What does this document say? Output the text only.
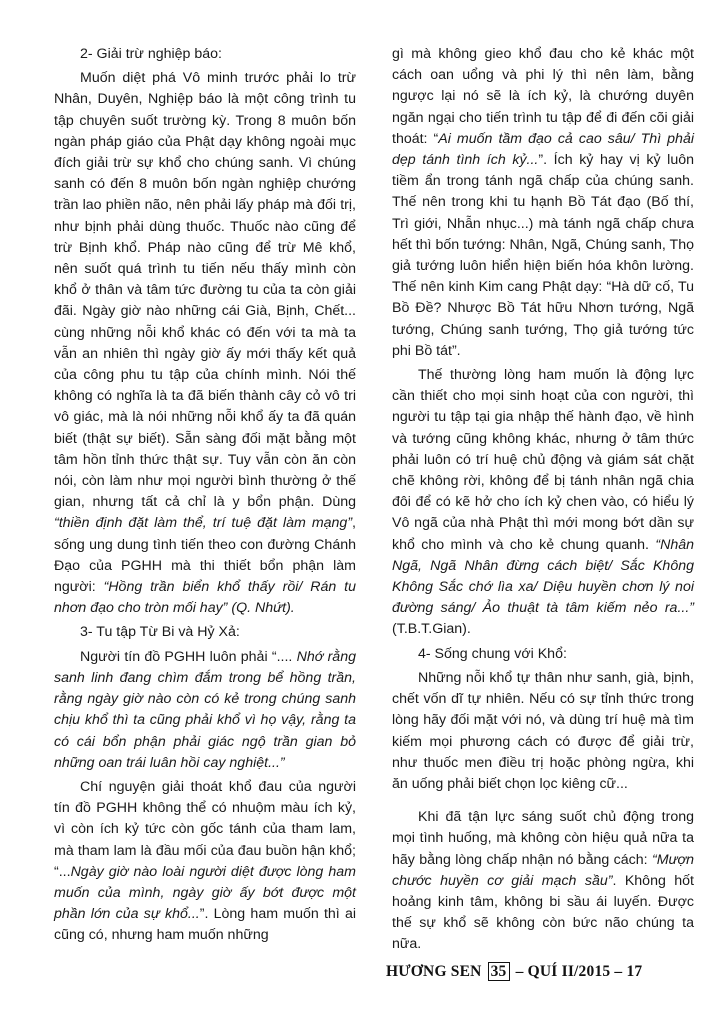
2- Giải trừ nghiệp báo:

Muốn diệt phá Vô minh trước phải lo trừ Nhân, Duyên, Nghiệp báo là một công trình tu tập chuyên suốt trường kỳ. Trong 8 muôn bốn ngàn pháp giáo của Phật dạy không ngoài mục đích giải trừ sự khổ cho chúng sanh. Vì chúng sanh có đến 8 muôn bốn ngàn nghiệp chướng trần lao phiền não, nên phải lấy pháp mà đối trị, như bịnh phải dùng thuốc. Thuốc nào cũng để trừ Bịnh khổ. Pháp nào cũng để trừ Mê khổ, nên suốt quá trình tu tiến nếu thấy mình còn khổ ở thân và tâm tức đường tu của ta còn giải đãi. Ngày giờ nào những cái Già, Bịnh, Chết... cùng những nỗi khổ khác có đến với ta mà ta vẫn an nhiên thì ngày giờ ấy mới thấy kết quả của công phu tu tập của chính mình. Nói thế không có nghĩa là ta đã biến thành cây cỏ vô tri vô giác, mà là nói những nỗi khổ ấy ta đã quán biết (thật sự biết). Sẵn sàng đối mặt bằng một tâm hồn tỉnh thức thật sự. Tuy vẫn còn ăn còn nói, còn làm như mọi người bình thường ở thế gian, nhưng tất cả chỉ là y bổn phận. Dùng “thiền định đặt làm thể, trí tuệ đặt làm mạng”, sống ung dung tình tiến theo con đường Chánh Đạo của PGHH mà thi thiết bổn phận làm người: “Hồng trần biển khổ thấy rồi/ Rán tu nhơn đạo cho tròn mối hay” (Q. Nhứt).

3- Tu tập Từ Bi và Hỷ Xả:

Người tín đồ PGHH luôn phải “.... Nhớ rằng sanh linh đang chìm đắm trong bể hồng trần, rằng ngày giờ nào còn có kẻ trong chúng sanh chịu khổ thì ta cũng phải khổ vì họ vậy, rằng ta có cái bổn phận phải giác ngộ trần gian bỏ những oan trái luân hồi cay nghiệt...”

Chí nguyện giải thoát khổ đau của người tín đồ PGHH không thể có nhuộm màu ích kỷ, vì còn ích kỷ tức còn gốc tánh của tham lam, mà tham lam là đầu mối của đau buồn hận khổ; “...Ngày giờ nào loài người diệt được lòng ham muốn của mình, ngày giờ ấy bớt được một phần lớn của sự khổ...”. Lòng ham muốn thì ai cũng có, nhưng ham muốn những

gì mà không gieo khổ đau cho kẻ khác một cách oan uổng và phi lý thì nên làm, bằng ngược lại nó sẽ là ích kỷ, là chướng duyên ngăn ngại cho tiến trình tu tập để đi đến cõi giải thoát: “Ai muốn tầm đạo cả cao sâu/ Thì phải dẹp tánh tình ích kỷ...”. Ích kỷ hay vị kỷ luôn tiềm ẩn trong tánh ngã chấp của chúng sanh. Thế nên trong khi tu hạnh Bồ Tát đạo (Bố thí, Trì giới, Nhẫn nhục...) mà tánh ngã chấp chưa hết thì bốn tướng: Nhân, Ngã, Chúng sanh, Thọ giả tướng luôn hiển hiện biến hóa khôn lường. Thế nên kinh Kim cang Phật dạy: “Hà dữ cố, Tu Bồ Đề? Nhược Bồ Tát hữu Nhơn tướng, Ngã tướng, Chúng sanh tướng, Thọ giả tướng tức phi Bồ tát”.

Thế thường lòng ham muốn là động lực cần thiết cho mọi sinh hoạt của con người, thì người tu tập tại gia nhập thế hành đạo, về hình và tướng cũng không khác, nhưng ở tâm thức phải luôn có trí huệ chủ động và giám sát chặt chẽ không rời, không để bị tánh nhân ngã chia đôi để có kẽ hở cho ích kỷ chen vào, có hiểu lý Vô ngã của nhà Phật thì mới mong bớt dần sự khổ cho mình và cho kẻ chung quanh. “Nhân Ngã, Ngã Nhân đừng cách biệt/ Sắc Không Không Sắc chớ lìa xa/ Diệu huyền chơn lý noi đường sáng/ Ảo thuật tà tâm kiếm nẻo ra...” (T.B.T.Gian).

4- Sống chung với Khổ:

Những nỗi khổ tự thân như sanh, già, bịnh, chết vốn dĩ tự nhiên. Nếu có sự tỉnh thức trong lòng hãy đối mặt với nó, và dùng trí huệ mà tìm kiếm mọi phương cách có được để giải trừ, như thuốc men điều trị hoặc phòng ngừa, khi ăn uống phải biết chọn lọc kiêng cữ...

Khi đã tận lực sáng suốt chủ động trong mọi tình huống, mà không còn hiệu quả nữa ta hãy bằng lòng chấp nhận nó bằng cách: “Mượn chước huyền cơ giải mạch sầu”. Không hốt hoảng kinh tâm, không bi sầu ái luyến. Được thế sự khổ sẽ không còn bức não chúng ta nữa.

HƯƠNG SEN 35 – QUÍ II/2015 – 17
